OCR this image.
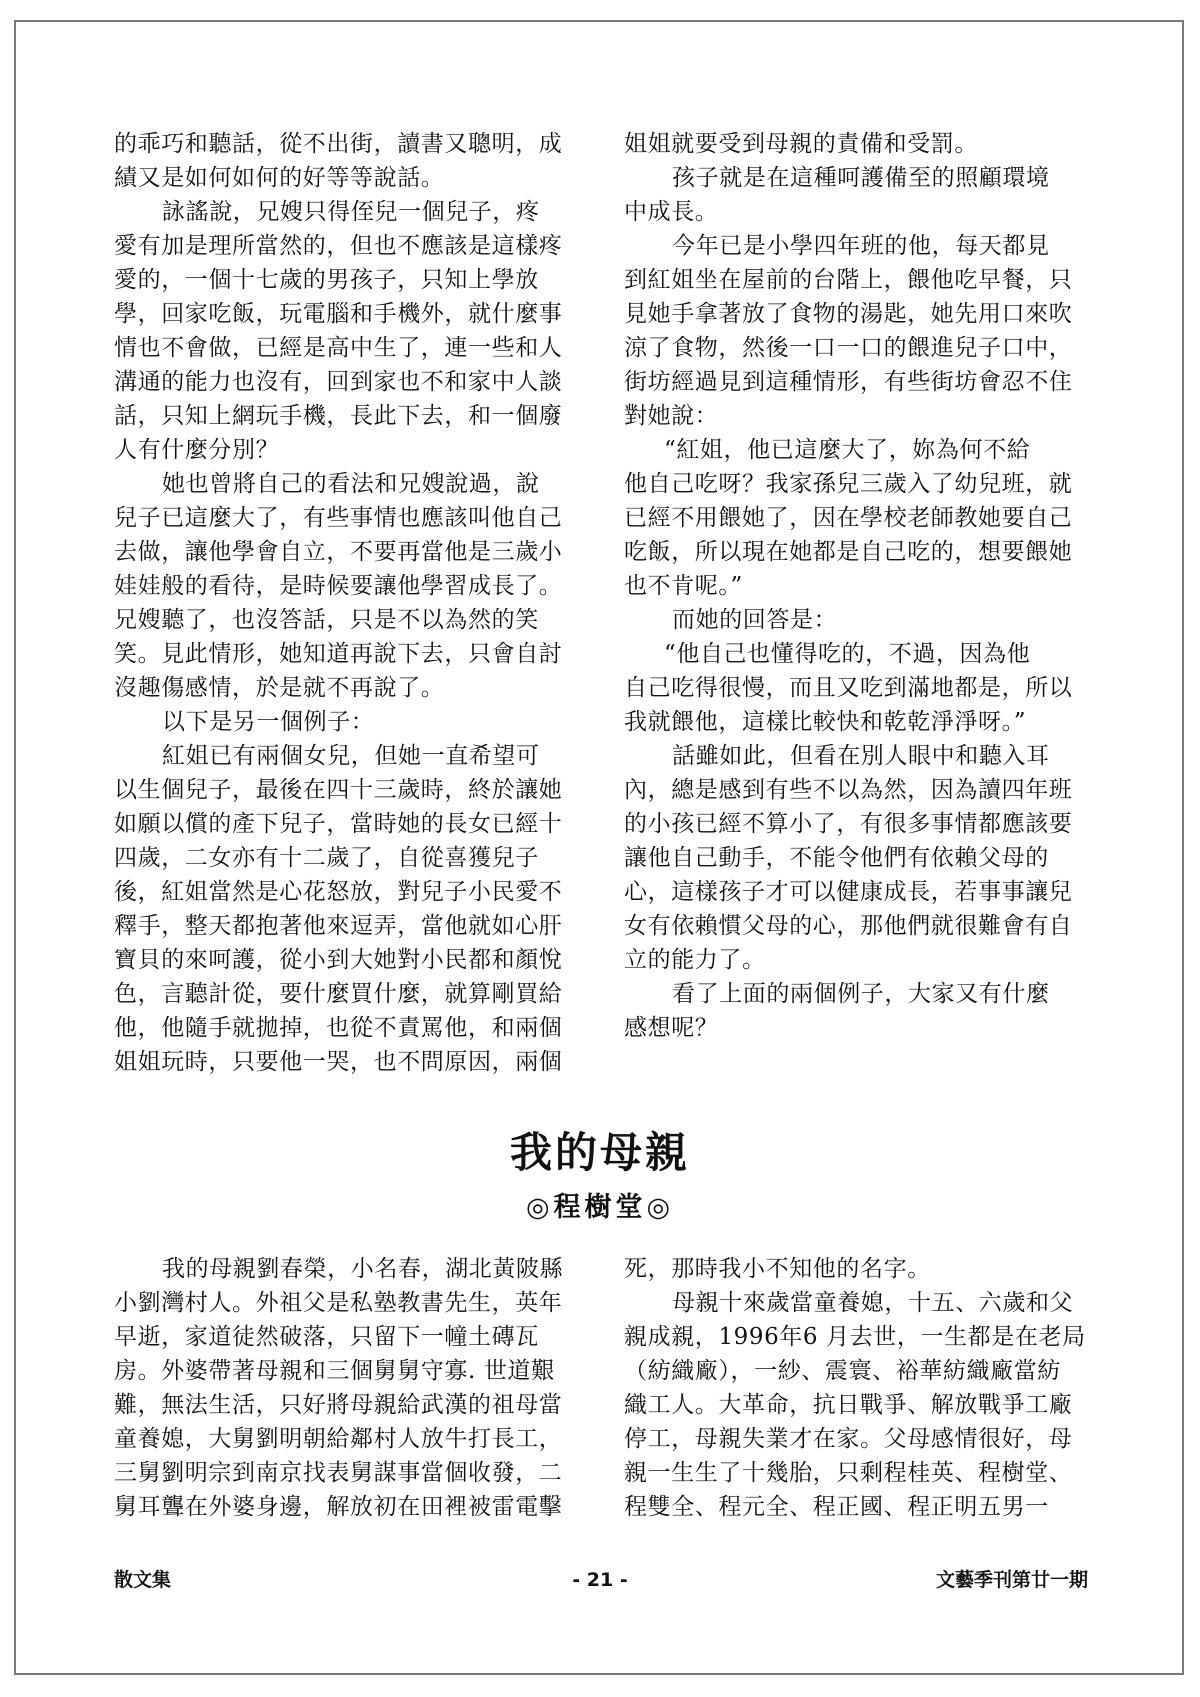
的乖巧和聽話，從不出街，讀書又聰明，成
績又是如何如何的好等等說話。
詠謠說，兄嫂只得侄兒一個兒子，疼
愛有加是理所當然的，但也不應該是這樣疼
愛的，一個十七歲的男孩子，只知上學放
學，回家吃飯，玩電腦和手機外，就什麼事
情也不會做，已經是高中生了，連一些和人
溝通的能力也沒有，回到家也不和家中人談
話，只知上網玩手機，長此下去，和一個廢
人有什麼分別？
她也曾將自己的看法和兄嫂說過，說
兒子已這麼大了，有些事情也應該叫他自己
去做，讓他學會自立，不要再當他是三歲小
娃娃般的看待，是時候要讓他學習成長了。
兄嫂聽了，也沒答話，只是不以為然的笑
笑。見此情形，她知道再說下去，只會自討
沒趣傷感情，於是就不再說了。
以下是另一個例子：
紅姐已有兩個女兒，但她一直希望可
以生個兒子，最後在四十三歲時，終於讓她
如願以償的產下兒子，當時她的長女已經十
四歲，二女亦有十二歲了，自從喜獲兒子
後，紅姐當然是心花怒放，對兒子小民愛不
釋手，整天都抱著他來逗弄，當他就如心肝
寶貝的來呵護，從小到大她對小民都和顏悅
色，言聽計從，要什麼買什麼，就算剛買給
他，他隨手就拋掉，也從不責罵他，和兩個
姐姐玩時，只要他一哭，也不問原因，兩個
姐姐就要受到母親的責備和受罰。
孩子就是在這種呵護備至的照顧環境
中成長。
今年已是小學四年班的他，每天都見
到紅姐坐在屋前的台階上，餵他吃早餐，只
見她手拿著放了食物的湯匙，她先用口來吹
涼了食物，然後一口一口的餵進兒子口中，
街坊經過見到這種情形，有些街坊會忍不住
對她說：
“紅姐，他已這麼大了，妳為何不給
他自己吃呀？我家孫兒三歲入了幼兒班，就
已經不用餵她了，因在學校老師教她要自己
吃飯，所以現在她都是自己吃的，想要餵她
也不肯呢。”
而她的回答是：
“他自己也懂得吃的，不過，因為他
自己吃得很慢，而且又吃到滿地都是，所以
我就餵他，這樣比較快和乾乾淨淨呀。”
話雖如此，但看在別人眼中和聽入耳
內，總是感到有些不以為然，因為讀四年班
的小孩已經不算小了，有很多事情都應該要
讓他自己動手，不能令他們有依賴父母的
心，這樣孩子才可以健康成長，若事事讓兒
女有依賴慣父母的心，那他們就很難會有自
立的能力了。
看了上面的兩個例子，大家又有什麼
感想呢？
我的母親
◎程樹堂◎
我的母親劉春榮，小名春，湖北黃陂縣
小劉灣村人。外祖父是私塾教書先生，英年
早逝，家道徒然破落，只留下一幢土磚瓦
房。外婆帶著母親和三個舅舅守寡. 世道艱
難，無法生活，只好將母親給武漢的祖母當
童養媳，大舅劉明朝給鄰村人放牛打長工，
三舅劉明宗到南京找表舅謀事當個收發，二
舅耳聾在外婆身邊，解放初在田裡被雷電擊
死，那時我小不知他的名字。
母親十來歲當童養媳，十五、六歲和父
親成親，1996年6 月去世，一生都是在老局
（紡織廠），一紗、震寰、裕華紡織廠當紡
織工人。大革命，抗日戰爭、解放戰爭工廠
停工，母親失業才在家。父母感情很好，母
親一生生了十幾胎，只剩程桂英、程樹堂、
程雙全、程元全、程正國、程正明五男一
散文集	- 21 -	文藝季刊第廿一期
